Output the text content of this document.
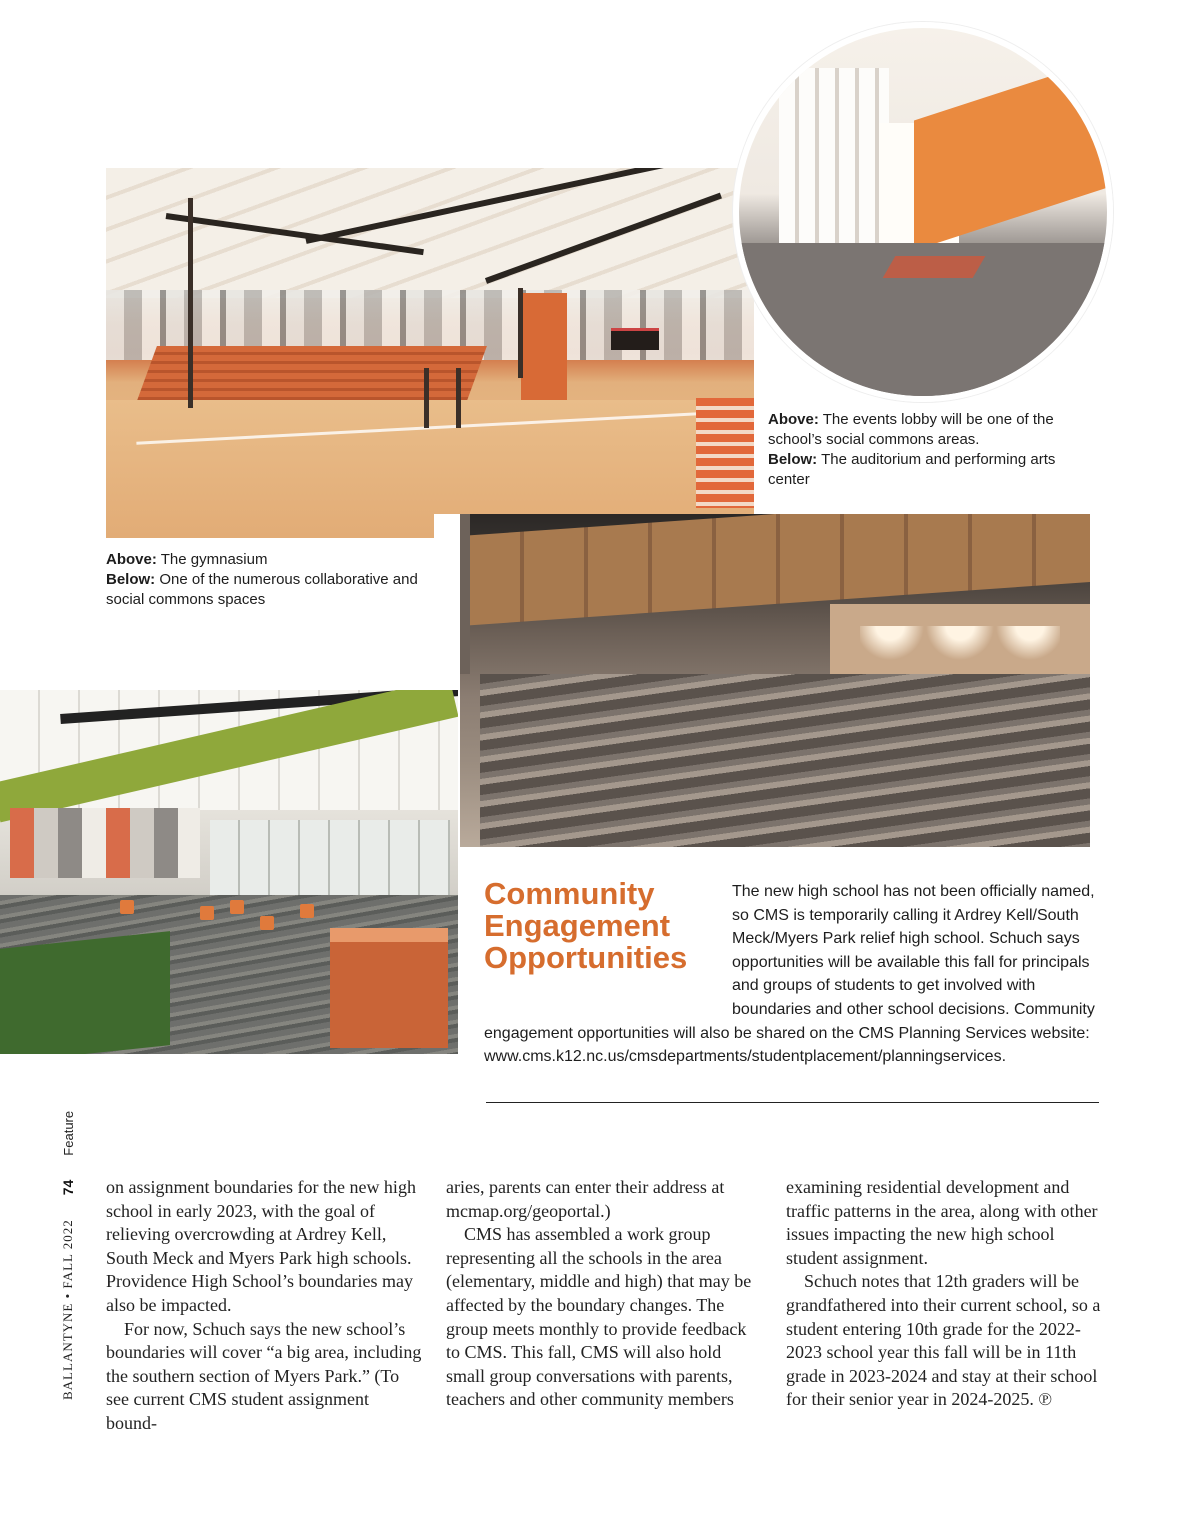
Above: The events lobby will be one of the school’s social commons areas.
Below: The auditorium and performing arts center
Above: The gymnasium
Below: One of the numerous collaborative and social commons spaces
Community
Engagement
Opportunities
The new high school has not been officially named, so CMS is temporarily calling it Ardrey Kell/South Meck/Myers Park relief high school. Schuch says opportunities will be available this fall for principals and groups of students to get involved with boundaries and other school decisions. Community engagement opportunities will also be shared on the CMS Planning Services website: www.cms.k12.nc.us/cmsdepartments/studentplacement/planningservices.

on assignment boundaries for the new high school in early 2023, with the goal of relieving overcrowding at Ardrey Kell, South Meck and Myers Park high schools. Providence High School’s boundaries may also be impacted.

For now, Schuch says the new school’s boundaries will cover “a big area, including the southern section of Myers Park.” (To see current CMS student assignment bound-

aries, parents can enter their address at mcmap.org/geoportal.)

CMS has assembled a work group representing all the schools in the area (elementary, middle and high) that may be affected by the boundary changes. The group meets monthly to provide feedback to CMS. This fall, CMS will also hold small group conversations with parents, teachers and other community members

examining residential development and traffic patterns in the area, along with other issues impacting the new high school student assignment.

Schuch notes that 12th graders will be grandfathered into their current school, so a student entering 10th grade for the 2022-2023 school year this fall will be in 11th grade in 2023-2024 and stay at their school for their senior year in 2024-2025. ℗

BALLANTYNE • FALL 2022
74
Feature
